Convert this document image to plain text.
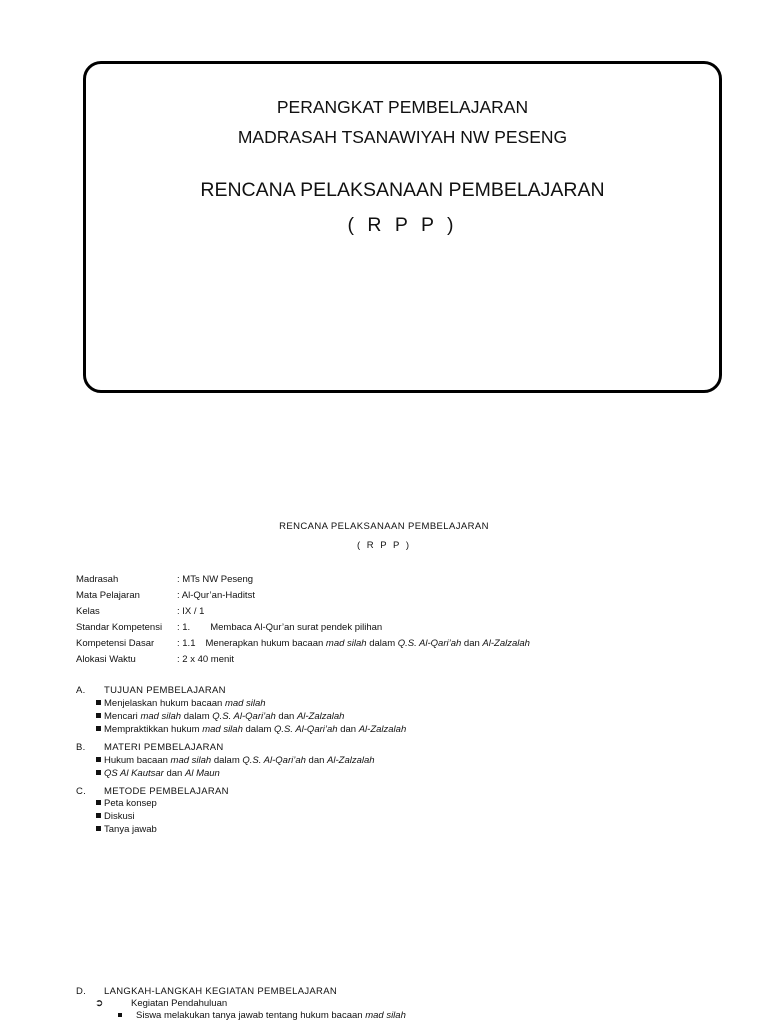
PERANGKAT PEMBELAJARAN
MADRASAH TSANAWIYAH NW PESENG
RENCANA PELAKSANAAN PEMBELAJARAN
( R P P )
RENCANA PELAKSANAAN PEMBELAJARAN
( R P P )
Madrasah	: MTs NW Peseng
Mata Pelajaran	: Al-Qur’an-Haditst
Kelas	: IX / 1
Standar Kompetensi : 1. Membaca Al-Qur’an surat pendek pilihan
Kompetensi Dasar : 1.1 Menerapkan hukum bacaan mad silah dalam Q.S. Al-Qari’ah dan Al-Zalzalah
Alokasi Waktu	: 2 x 40 menit
A. TUJUAN PEMBELAJARAN
Menjelaskan hukum bacaan mad silah
Mencari mad silah dalam Q.S. Al-Qari’ah dan Al-Zalzalah
Mempraktikkan hukum mad silah dalam Q.S. Al-Qari’ah dan Al-Zalzalah
B. MATERI PEMBELAJARAN
Hukum bacaan mad silah dalam Q.S. Al-Qari’ah dan Al-Zalzalah
QS Al Kautsar dan Al Maun
C. METODE PEMBELAJARAN
Peta konsep
Diskusi
Tanya jawab
D. LANGKAH-LANGKAH KEGIATAN PEMBELAJARAN
➲	Kegiatan Pendahuluan
Siswa melakukan tanya jawab tentang hukum bacaan mad silah
